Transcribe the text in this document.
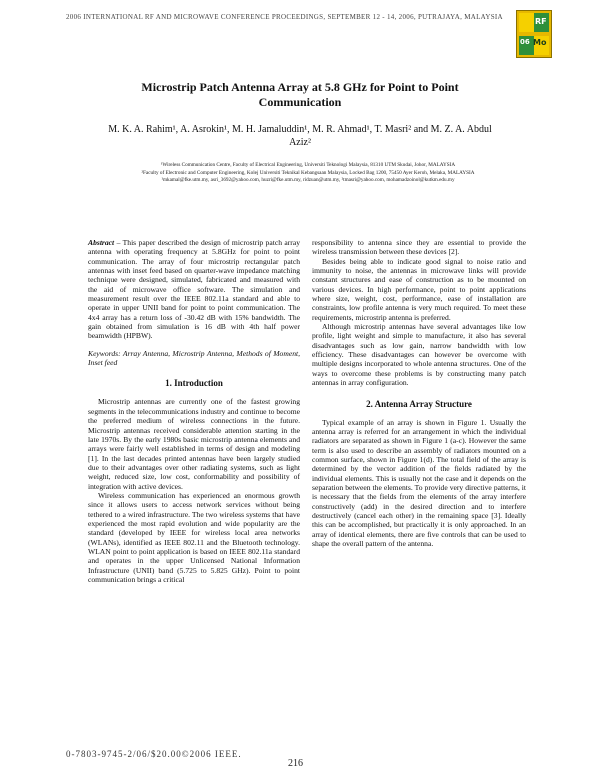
2006 INTERNATIONAL RF AND MICROWAVE CONFERENCE PROCEEDINGS, SEPTEMBER 12 - 14, 2006, PUTRAJAYA, MALAYSIA	RF
Mo
06
Microstrip Patch Antenna Array at 5.8 GHz for Point to Point Communication
M. K. A. Rahim¹, A. Asrokin¹, M. H. Jamaluddin¹, M. R. Ahmad¹, T. Masri² and M. Z. A. Abdul Aziz²
¹Wireless Communication Centre, Faculty of Electrical Engineering, Universiti Teknologi Malaysia, 81310 UTM Skudai, Johor, MALAYSIA
²Faculty of Electronic and Computer Engineering, Kolej Universiti Teknikal Kebangsaan Malaysia, Locked Bag 1200, 75450 Ayer Keroh, Melaka, MALAYSIA
¹mkamal@fke.utm.my, asri_3692@yahoo.com, huzri@fke.utm.my, ridzuan@utm.my, ²tmasri@yahoo.com, mohamadzoinol@kutkm.edu.my

Abstract – This paper described the design of microstrip patch array antenna with operating frequency at 5.8GHz for point to point communication. The array of four microstrip rectangular patch antennas with inset feed based on quarter-wave impedance matching technique were designed, simulated, fabricated and measured with the aid of microwave office software. The simulation and measurement result over the IEEE 802.11a standard and able to operate in upper UNII band for point to point communication. The 4x4 array has a return loss of -30.42 dB with 15% bandwidth. The gain obtained from simulation is 16 dB with 4th half power beamwidth (HPBW).

Keywords: Array Antenna, Microstrip Antenna, Methods of Moment, Inset feed

1. Introduction

Microstrip antennas are currently one of the fastest growing segments in the telecommunications industry and continue to become the preferred medium of wireless connections in the future. Microstrip antennas received considerable attention starting in the late 1970s. By the early 1980s basic microstrip antenna elements and arrays were fairly well established in terms of design and modeling [1]. In the last decades printed antennas have been largely studied due to their advantages over other radiating systems, such as light weight, reduced size, low cost, conformability and possibility of integration with active devices.

Wireless communication has experienced an enormous growth since it allows users to access network services without being tethered to a wired infrastructure. The two wireless systems that have experienced the most rapid evolution and wide popularity are the standard (developed by IEEE for wireless local area networks (WLANs), identified as IEEE 802.11 and the Bluetooth technology. WLAN point to point application is based on IEEE 802.11a standard and operates in the upper Unlicensed National Information Infrastructure (UNII) band (5.725 to 5.825 GHz). Point to point communication brings a critical

responsibility to antenna since they are essential to provide the wireless transmission between these devices [2].

Besides being able to indicate good signal to noise ratio and immunity to noise, the antennas in microwave links will provide constant structures and ease of construction as to be mounted on various devices. In high performance, point to point applications where size, weight, cost, performance, ease of installation are constraints, low profile antenna is very much required. To meet these requirements, microstrip antenna is preferred.

Although microstrip antennas have several advantages like low profile, light weight and simple to manufacture, it also has several disadvantages such as low gain, narrow bandwidth with low efficiency. These disadvantages can however be overcome with multiple designs incorporated to whole antenna structures. One of the ways to overcome these problems is by constructing many patch antennas in array configuration.

2. Antenna Array Structure

Typical example of an array is shown in Figure 1. Usually the antenna array is referred for an arrangement in which the individual radiators are separated as shown in Figure 1 (a-c). However the same term is also used to describe an assembly of radiators mounted on a common surface, shown in Figure 1(d). The total field of the array is determined by the vector addition of the fields radiated by the individual elements. This is usually not the case and it depends on the separation between the elements. To provide very directive patterns, it is necessary that the fields from the elements of the array interfere constructively (add) in the desired direction and to interfere destructively (cancel each other) in the remaining space [3]. Ideally this can be accomplished, but practically it is only approached. In an array of identical elements, there are five controls that can be used to shape the overall pattern of the antenna.

0-7803-9745-2/06/$20.00©2006 IEEE.
216
